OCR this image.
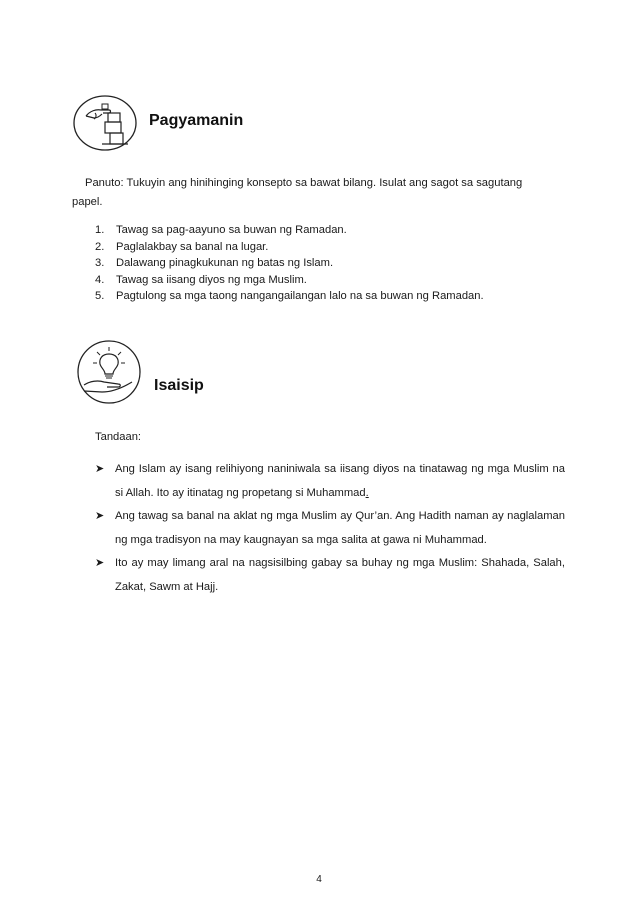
Pagyamanin
Panuto: Tukuyin ang hinihinging konsepto sa bawat bilang. Isulat ang sagot sa sagutang
papel.
1. Tawag sa pag-aayuno sa buwan ng Ramadan.
2. Paglalakbay sa banal na lugar.
3. Dalawang pinagkukunan ng batas ng Islam.
4. Tawag sa iisang diyos ng mga Muslim.
5. Pagtulong sa mga taong nangangailangan lalo na sa buwan ng Ramadan.
Isaisip
Tandaan:
➤ Ang Islam ay isang relihiyong naniniwala sa iisang diyos na tinatawag ng mga Muslim na si Allah. Ito ay itinatag ng propetang si Muhammad.
➤ Ang tawag sa banal na aklat ng mga Muslim ay Qur’an. Ang Hadith naman ay naglalaman ng mga tradisyon na may kaugnayan sa mga salita at gawa ni Muhammad.
➤ Ito ay may limang aral na nagsisilbing gabay sa buhay ng mga Muslim: Shahada, Salah, Zakat, Sawm at Hajj.
4
